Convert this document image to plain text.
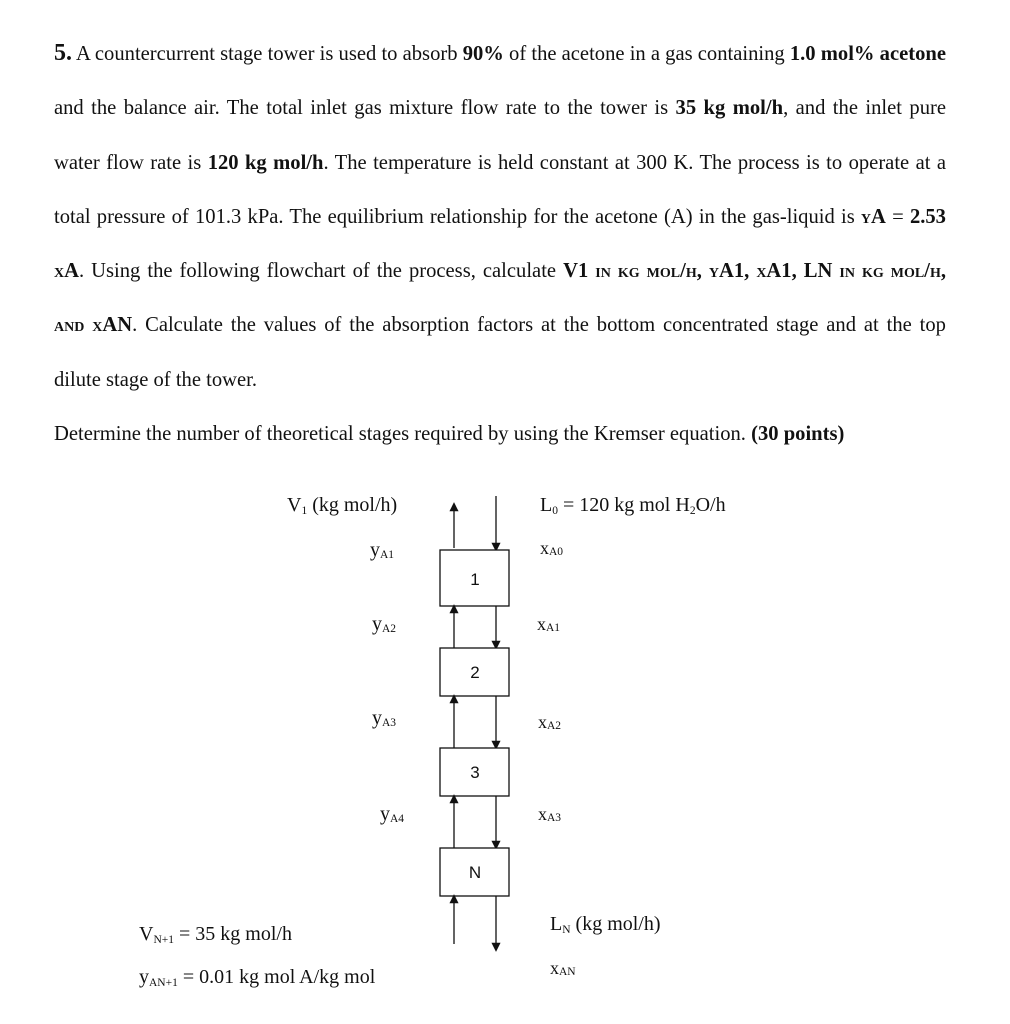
5. A countercurrent stage tower is used to absorb 90% of the acetone in a gas containing 1.0 mol% acetone and the balance air. The total inlet gas mixture flow rate to the tower is 35 kg mol/h, and the inlet pure water flow rate is 120 kg mol/h. The temperature is held constant at 300 K. The process is to operate at a total pressure of 101.3 kPa. The equilibrium relationship for the acetone (A) in the gas-liquid is yA = 2.53 xA. Using the following flowchart of the process, calculate V1 in kg mol/h, yA1, xA1, LN in kg mol/h, and xAN. Calculate the values of the absorption factors at the bottom concentrated stage and at the top dilute stage of the tower.
Determine the number of theoretical stages required by using the Kremser equation. (30 points)

1
2
3
N
V1 (kg mol/h)	L0 = 120 kg mol H2O/h
yA1
yA2
yA3
yA4
xA0
xA1
xA2
xA3
VN+1 = 35 kg mol/h
yAN+1 = 0.01 kg mol A/kg mol
LN (kg mol/h)
xAN
